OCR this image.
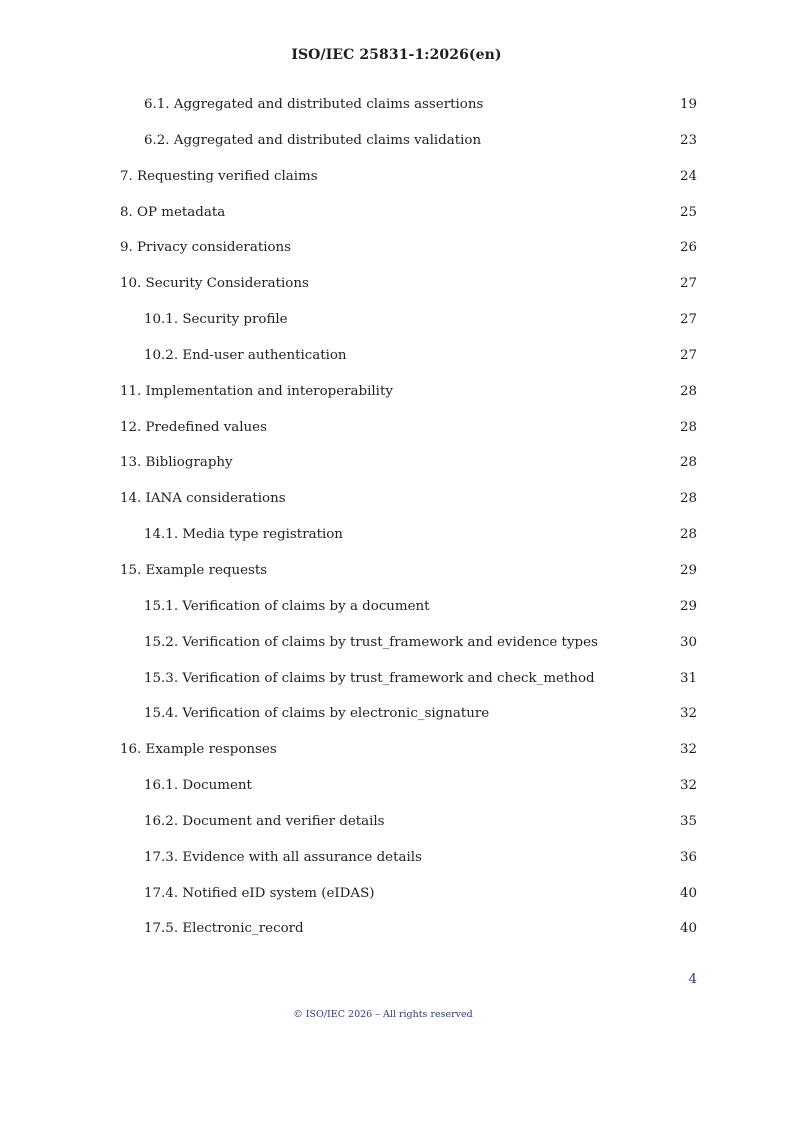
ISO/IEC 25831-1:2026(en)
6.1. Aggregated and distributed claims assertions	19
6.2. Aggregated and distributed claims validation	23
7. Requesting verified claims	24
8. OP metadata	25
9. Privacy considerations	26
10. Security Considerations	27
10.1. Security profile	27
10.2. End-user authentication	27
11. Implementation and interoperability	28
12. Predefined values	28
13. Bibliography	28
14. IANA considerations	28
14.1. Media type registration	28
15. Example requests	29
15.1. Verification of claims by a document	29
15.2. Verification of claims by trust_framework and evidence types	30
15.3. Verification of claims by trust_framework and check_method	31
15.4. Verification of claims by electronic_signature	32
16. Example responses	32
16.1. Document	32
16.2. Document and verifier details	35
17.3. Evidence with all assurance details	36
17.4. Notified eID system (eIDAS)	40
17.5. Electronic_record	40
4
© ISO/IEC 2026 – All rights reserved
